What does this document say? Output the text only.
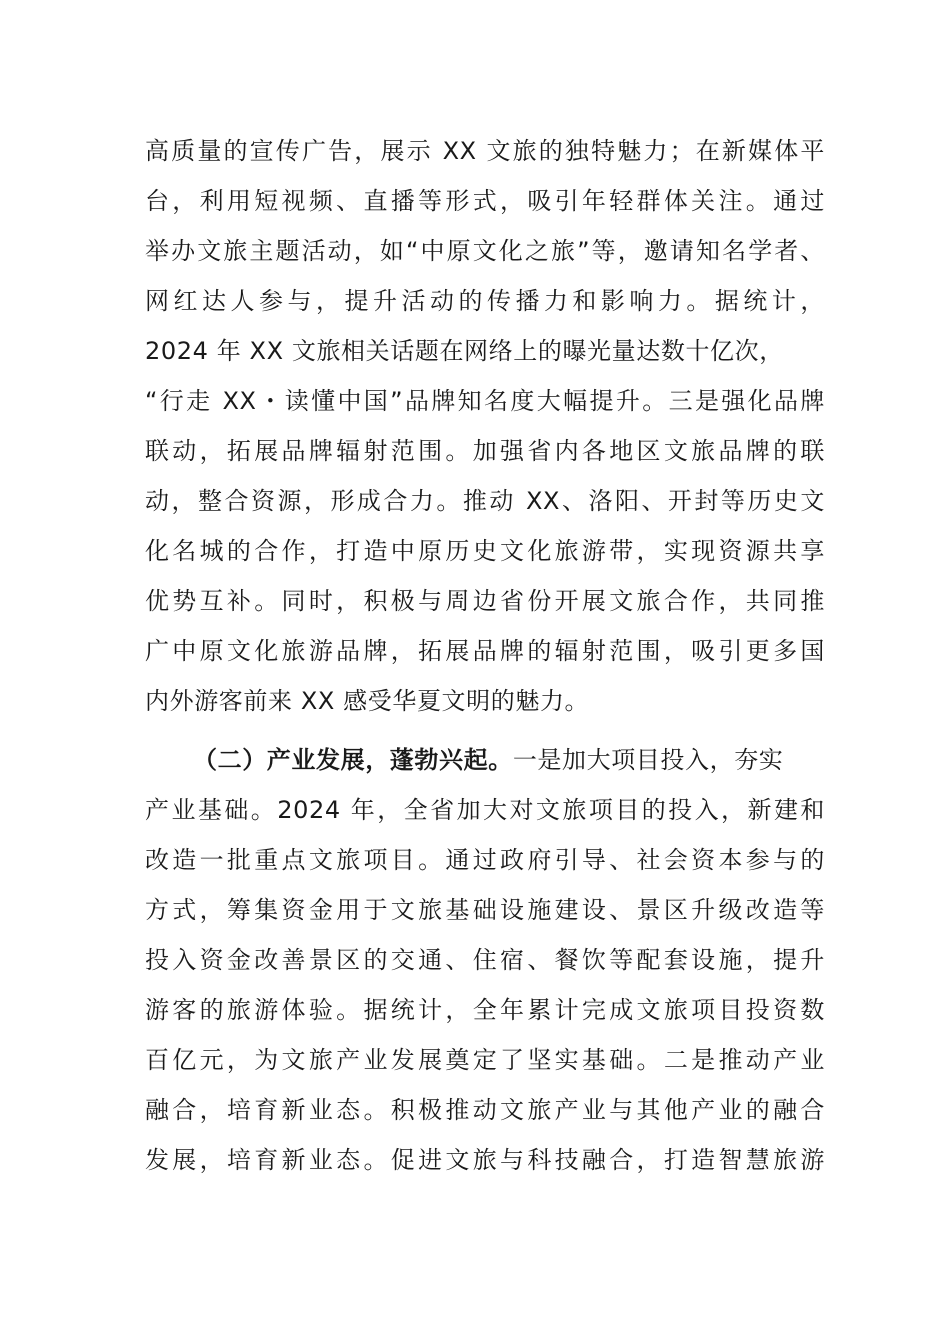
高质量的宣传广告，展示 XX 文旅的独特魅力；在新媒体平
台，利用短视频、直播等形式，吸引年轻群体关注。通过
举办文旅主题活动，如“中原文化之旅”等，邀请知名学者、
网红达人参与，提升活动的传播力和影响力。据统计，
2024 年 XX 文旅相关话题在网络上的曝光量达数十亿次，
“行走 XX・读懂中国”品牌知名度大幅提升。三是强化品牌
联动，拓展品牌辐射范围。加强省内各地区文旅品牌的联
动，整合资源，形成合力。推动 XX、洛阳、开封等历史文
化名城的合作，打造中原历史文化旅游带，实现资源共享
优势互补。同时，积极与周边省份开展文旅合作，共同推
广中原文化旅游品牌，拓展品牌的辐射范围，吸引更多国
内外游客前来 XX 感受华夏文明的魅力。
（二）产业发展，蓬勃兴起。一是加大项目投入，夯实
产业基础。2024 年，全省加大对文旅项目的投入，新建和
改造一批重点文旅项目。通过政府引导、社会资本参与的
方式，筹集资金用于文旅基础设施建设、景区升级改造等
投入资金改善景区的交通、住宿、餐饮等配套设施，提升
游客的旅游体验。据统计，全年累计完成文旅项目投资数
百亿元，为文旅产业发展奠定了坚实基础。二是推动产业
融合，培育新业态。积极推动文旅产业与其他产业的融合
发展，培育新业态。促进文旅与科技融合，打造智慧旅游
